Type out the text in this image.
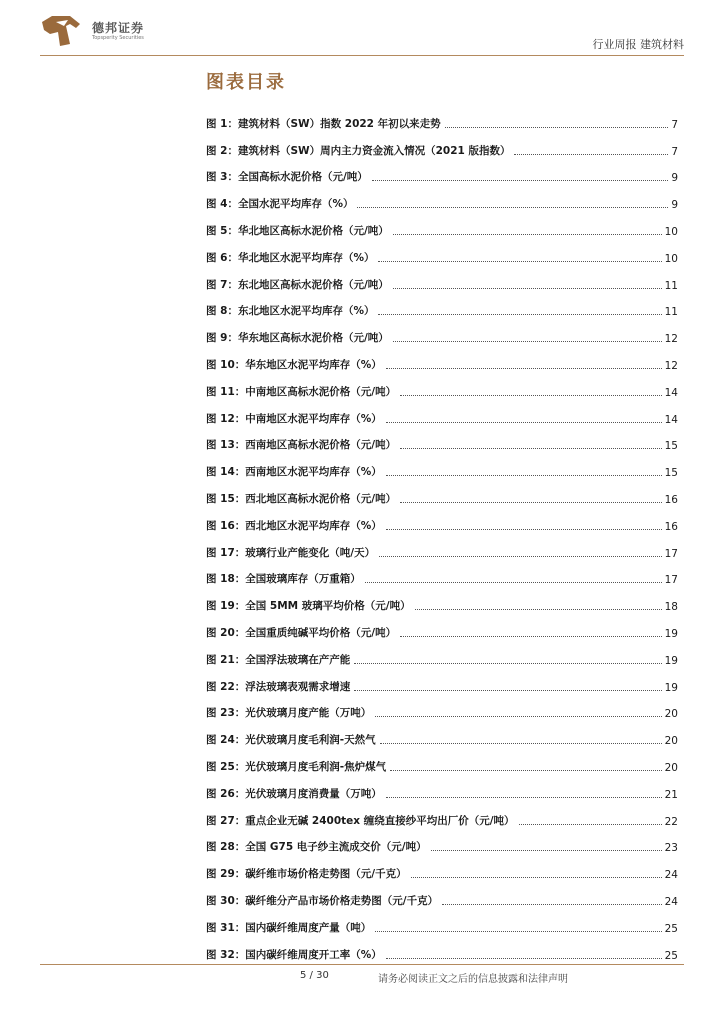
德邦证券
Topsperity Securities	行业周报 建筑材料
图表目录
图 1：建筑材料（SW）指数 2022 年初以来走势	7
图 2：建筑材料（SW）周内主力资金流入情况（2021 版指数）	7
图 3：全国高标水泥价格（元/吨）	9
图 4：全国水泥平均库存（%）	9
图 5：华北地区高标水泥价格（元/吨）	10
图 6：华北地区水泥平均库存（%）	10
图 7：东北地区高标水泥价格（元/吨）	11
图 8：东北地区水泥平均库存（%）	11
图 9：华东地区高标水泥价格（元/吨）	12
图 10：华东地区水泥平均库存（%）	12
图 11：中南地区高标水泥价格（元/吨）	14
图 12：中南地区水泥平均库存（%）	14
图 13：西南地区高标水泥价格（元/吨）	15
图 14：西南地区水泥平均库存（%）	15
图 15：西北地区高标水泥价格（元/吨）	16
图 16：西北地区水泥平均库存（%）	16
图 17：玻璃行业产能变化（吨/天）	17
图 18：全国玻璃库存（万重箱）	17
图 19：全国 5MM 玻璃平均价格（元/吨）	18
图 20：全国重质纯碱平均价格（元/吨）	19
图 21：全国浮法玻璃在产产能	19
图 22：浮法玻璃表观需求增速	19
图 23：光伏玻璃月度产能（万吨）	20
图 24：光伏玻璃月度毛利润-天然气	20
图 25：光伏玻璃月度毛利润-焦炉煤气	20
图 26：光伏玻璃月度消费量（万吨）	21
图 27：重点企业无碱 2400tex 缠绕直接纱平均出厂价（元/吨）	22
图 28：全国 G75 电子纱主流成交价（元/吨）	23
图 29：碳纤维市场价格走势图（元/千克）	24
图 30：碳纤维分产品市场价格走势图（元/千克）	24
图 31：国内碳纤维周度产量（吨）	25
图 32：国内碳纤维周度开工率（%）	25
5 / 30	请务必阅读正文之后的信息披露和法律声明
